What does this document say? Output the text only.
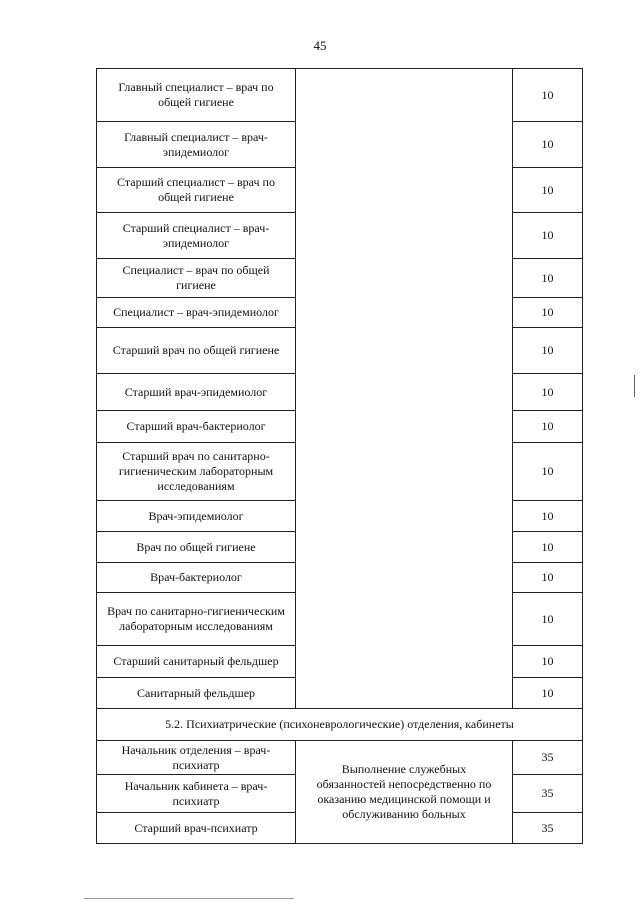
45
Главный специалист – врач по общей гигиене		10
Главный специалист – врач-эпидемиолог		10
Старший специалист – врач по общей гигиене		10
Старший специалист – врач-эпидемиолог		10
Специалист – врач по общей гигиене		10
Специалист – врач-эпидемиолог		10
Старший врач по общей гигиене		10
Старший врач-эпидемиолог		10
Старший врач-бактериолог		10
Старший врач по санитарно-гигиеническим лабораторным исследованиям		10
Врач-эпидемиолог		10
Врач по общей гигиене		10
Врач-бактериолог		10
Врач по санитарно-гигиеническим лабораторным исследованиям		10
Старший санитарный фельдшер		10
Санитарный фельдшер		10
5.2. Психиатрические (психоневрологические) отделения, кабинеты		
Начальник отделения – врач-психиатр	Выполнение служебных обязанностей непосредственно по оказанию медицинской помощи и обслуживанию больных	35
Начальник кабинета – врач-психиатр		35
Старший врач-психиатр		35
